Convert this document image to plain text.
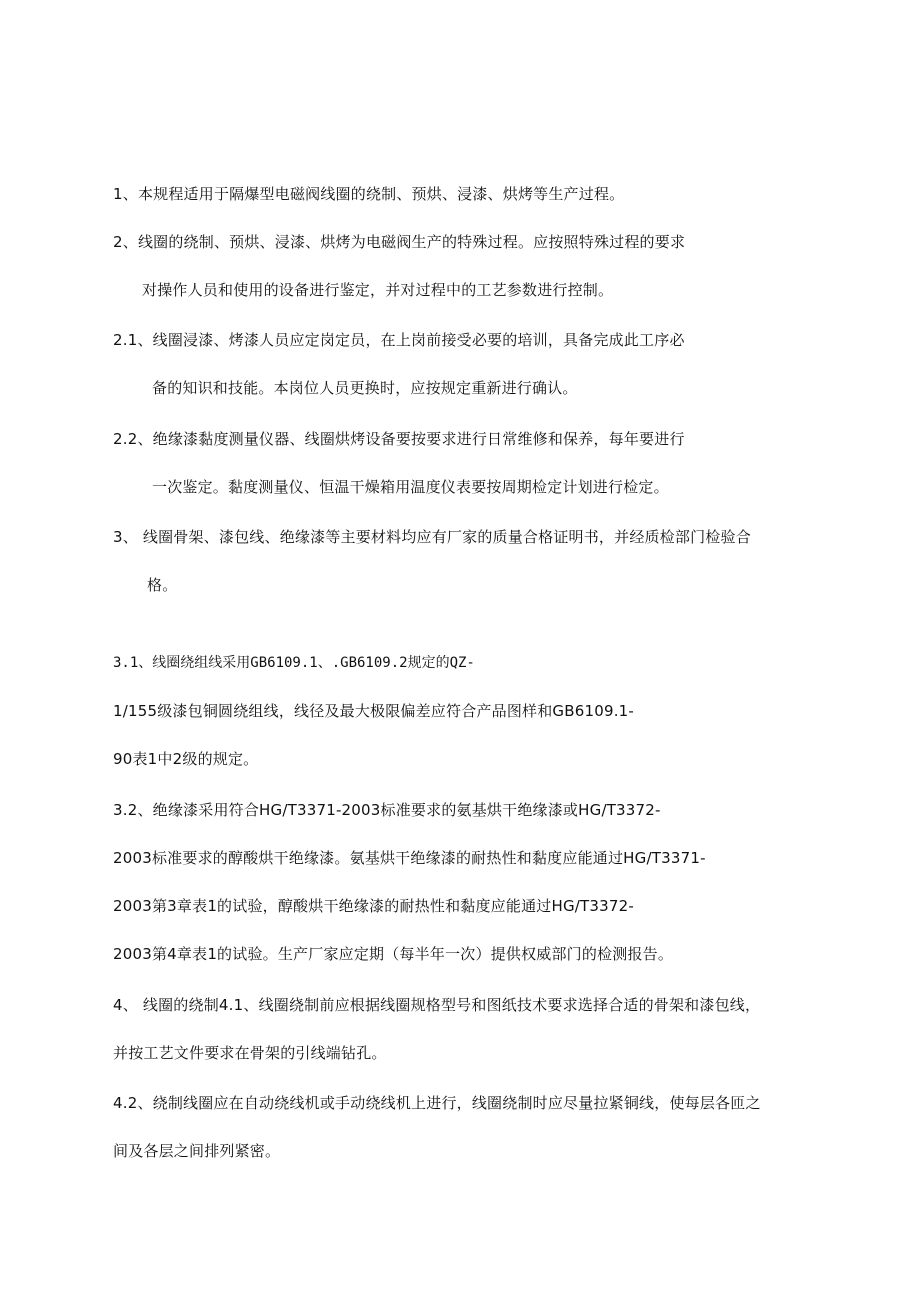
1、本规程适用于隔爆型电磁阀线圈的绕制、预烘、浸漆、烘烤等生产过程。
2、线圈的绕制、预烘、浸漆、烘烤为电磁阀生产的特殊过程。应按照特殊过程的要求
对操作人员和使用的设备进行鉴定，并对过程中的工艺参数进行控制。
2.1、线圈浸漆、烤漆人员应定岗定员，在上岗前接受必要的培训，具备完成此工序必
备的知识和技能。本岗位人员更换时，应按规定重新进行确认。
2.2、绝缘漆黏度测量仪器、线圈烘烤设备要按要求进行日常维修和保养，每年要进行
一次鉴定。黏度测量仪、恒温干燥箱用温度仪表要按周期检定计划进行检定。
3、 线圈骨架、漆包线、绝缘漆等主要材料均应有厂家的质量合格证明书，并经质检部门检验合
格。
3.1、线圈绕组线采用GB6109.1、.GB6109.2规定的QZ-
1/155级漆包铜圆绕组线，线径及最大极限偏差应符合产品图样和GB6109.1-
90表1中2级的规定。
3.2、绝缘漆采用符合HG/T3371-2003标准要求的氨基烘干绝缘漆或HG/T3372-
2003标准要求的醇酸烘干绝缘漆。氨基烘干绝缘漆的耐热性和黏度应能通过HG/T3371-
2003第3章表1的试验，醇酸烘干绝缘漆的耐热性和黏度应能通过HG/T3372-
2003第4章表1的试验。生产厂家应定期（每半年一次）提供权威部门的检测报告。
4、 线圈的绕制4.1、线圈绕制前应根据线圈规格型号和图纸技术要求选择合适的骨架和漆包线，
并按工艺文件要求在骨架的引线端钻孔。
4.2、绕制线圈应在自动绕线机或手动绕线机上进行，线圈绕制时应尽量拉紧铜线，使每层各匝之
间及各层之间排列紧密。
